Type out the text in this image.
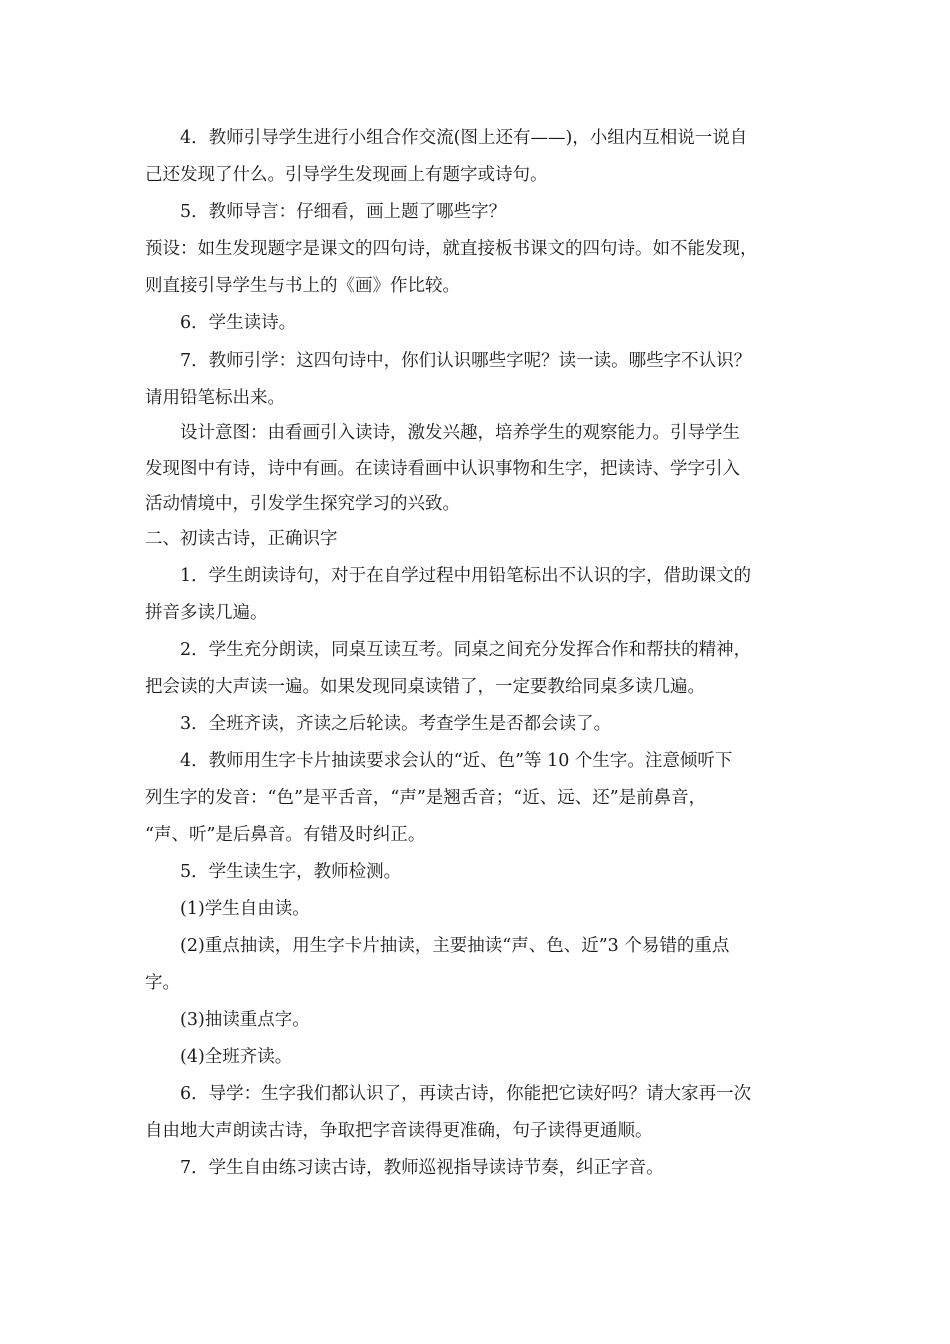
4．教师引导学生进行小组合作交流(图上还有——)，小组内互相说一说自

己还发现了什么。引导学生发现画上有题字或诗句。

5．教师导言：仔细看，画上题了哪些字？

预设：如生发现题字是课文的四句诗，就直接板书课文的四句诗。如不能发现，

则直接引导学生与书上的《画》作比较。

6．学生读诗。

7．教师引学：这四句诗中，你们认识哪些字呢？读一读。哪些字不认识？

请用铅笔标出来。

设计意图：由看画引入读诗，激发兴趣，培养学生的观察能力。引导学生

发现图中有诗，诗中有画。在读诗看画中认识事物和生字，把读诗、学字引入

活动情境中，引发学生探究学习的兴致。

二、初读古诗，正确识字

1．学生朗读诗句，对于在自学过程中用铅笔标出不认识的字，借助课文的

拼音多读几遍。

2．学生充分朗读，同桌互读互考。同桌之间充分发挥合作和帮扶的精神，

把会读的大声读一遍。如果发现同桌读错了，一定要教给同桌多读几遍。

3．全班齐读，齐读之后轮读。考查学生是否都会读了。

4．教师用生字卡片抽读要求会认的“近、色”等 10 个生字。注意倾听下

列生字的发音：“色”是平舌音，“声”是翘舌音；“近、远、还”是前鼻音，

“声、听”是后鼻音。有错及时纠正。

5．学生读生字，教师检测。

(1)学生自由读。

(2)重点抽读，用生字卡片抽读，主要抽读“声、色、近”3 个易错的重点

字。

(3)抽读重点字。

(4)全班齐读。

6．导学：生字我们都认识了，再读古诗，你能把它读好吗？请大家再一次

自由地大声朗读古诗，争取把字音读得更准确，句子读得更通顺。

7．学生自由练习读古诗，教师巡视指导读诗节奏，纠正字音。
